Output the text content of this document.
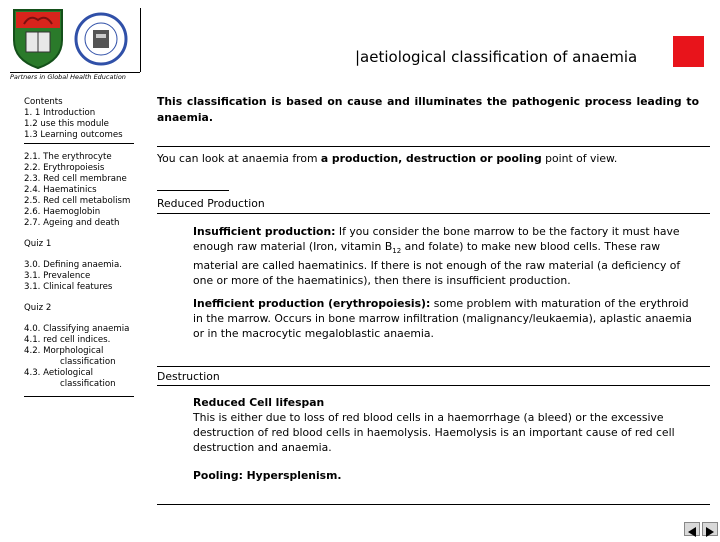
Partners in Global Health Education
|aetiological classification of anaemia
Contents
1. 1 Introduction
1.2 use this module
1.3 Learning outcomes
2.1. The erythrocyte
2.2. Erythropoiesis
2.3. Red cell membrane
2.4. Haematinics
2.5. Red cell metabolism
2.6. Haemoglobin
2.7. Ageing and death
Quiz 1
3.0. Defining anaemia.
3.1. Prevalence
3.1. Clinical features
Quiz 2
4.0. Classifying anaemia
4.1. red cell indices.
4.2. Morphological
classification
4.3. Aetiological
classification
This classification is based on cause and illuminates the pathogenic process leading to anaemia.
You can look at anaemia from a production, destruction or pooling point of view.
Reduced Production
Insufficient production: If you consider the bone marrow to be the factory it must have enough raw material (Iron, vitamin $B_{12}$ and folate) to make new blood cells. These raw material are called haematinics. If there is not enough of the raw material (a deficiency of one or more of the haematinics), then there is insufficient production.
Inefficient production (erythropoiesis): some problem with maturation of the erythroid in the marrow. Occurs in bone marrow infiltration (malignancy/leukaemia), aplastic anaemia or in the macrocytic megaloblastic anaemia.
Destruction
Reduced Cell lifespan
This is either due to loss of red blood cells in a haemorrhage (a bleed) or the excessive destruction of red blood cells in haemolysis. Haemolysis is an important cause of red cell destruction and anaemia.
Pooling: Hypersplenism.
